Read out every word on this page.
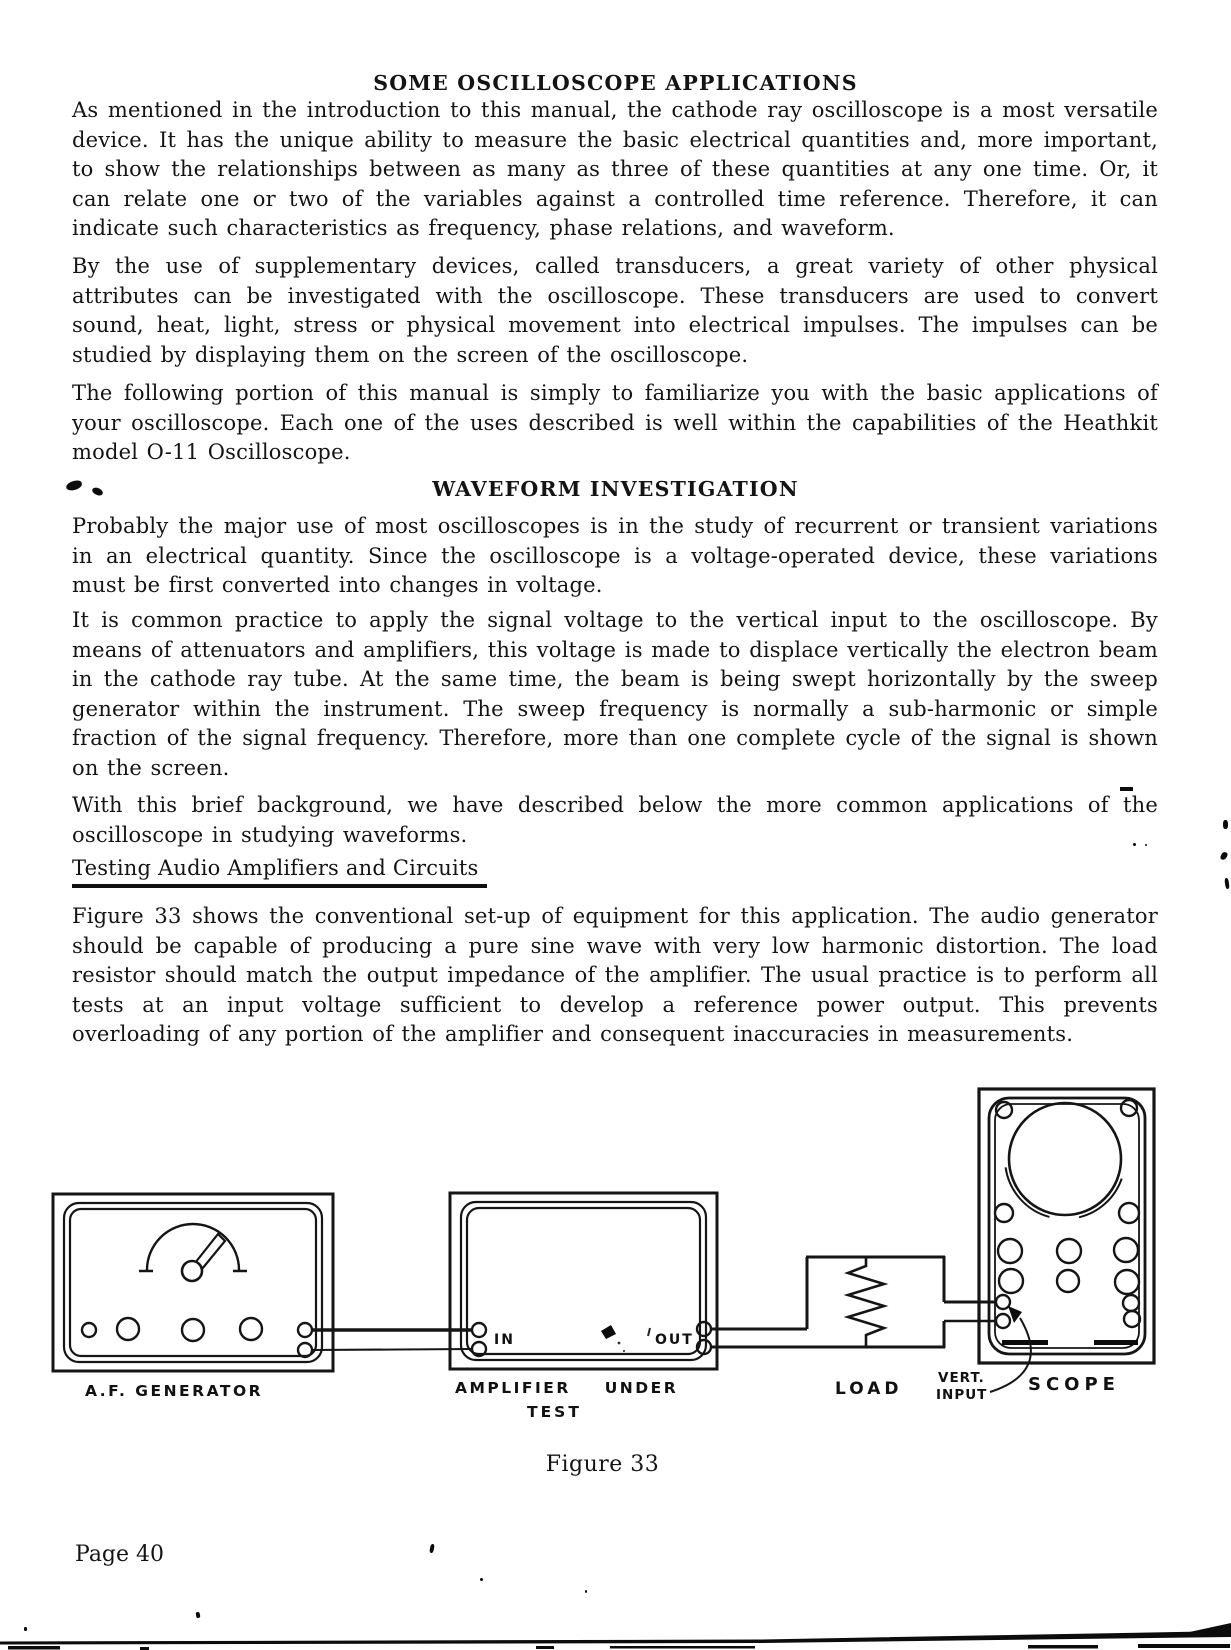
SOME OSCILLOSCOPE APPLICATIONS

As mentioned in the introduction to this manual, the cathode ray oscilloscope is a most versatile device. It has the unique ability to measure the basic electrical quantities and, more important, to show the relationships between as many as three of these quantities at any one time. Or, it can relate one or two of the variables against a controlled time reference. Therefore, it can indicate such characteristics as frequency, phase relations, and waveform.

By the use of supplementary devices, called transducers, a great variety of other physical attributes can be investigated with the oscilloscope. These transducers are used to convert sound, heat, light, stress or physical movement into electrical impulses. The impulses can be studied by displaying them on the screen of the oscilloscope.

The following portion of this manual is simply to familiarize you with the basic applications of your oscilloscope. Each one of the uses described is well within the capabilities of the Heathkit model O-11 Oscilloscope.

WAVEFORM INVESTIGATION

Probably the major use of most oscilloscopes is in the study of recurrent or transient variations in an electrical quantity. Since the oscilloscope is a voltage-operated device, these variations must be first converted into changes in voltage.

It is common practice to apply the signal voltage to the vertical input to the oscilloscope. By means of attenuators and amplifiers, this voltage is made to displace vertically the electron beam in the cathode ray tube. At the same time, the beam is being swept horizontally by the sweep generator within the instrument. The sweep frequency is normally a sub-harmonic or simple fraction of the signal frequency. Therefore, more than one complete cycle of the signal is shown on the screen.

With this brief background, we have described below the more common applications of the oscilloscope in studying waveforms.

Testing Audio Amplifiers and Circuits

Figure 33 shows the conventional set-up of equipment for this application. The audio generator should be capable of producing a pure sine wave with very low harmonic distortion. The load resistor should match the output impedance of the amplifier. The usual practice is to perform all tests at an input voltage sufficient to develop a reference power output. This prevents overloading of any portion of the amplifier and consequent inaccuracies in measurements.

IN	OUT
A.F. GENERATOR	AMPLIFIER UNDER
TEST
LOAD
VERT.
INPUT SCOPE
Figure 33
Page 40
